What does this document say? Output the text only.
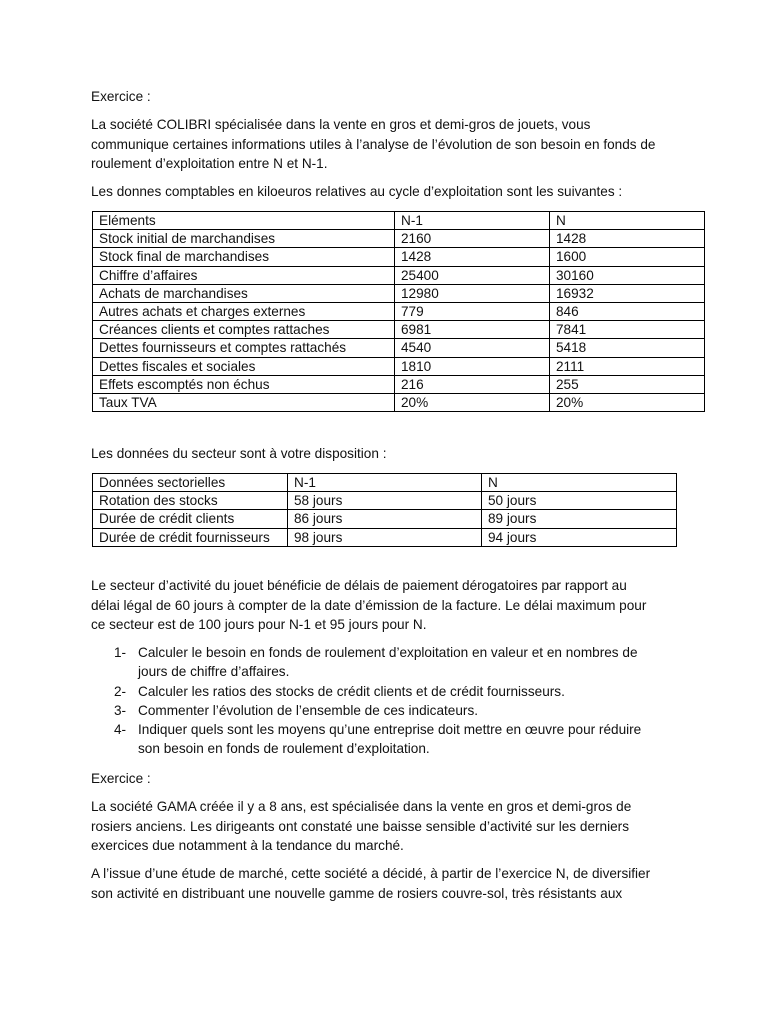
Exercice :

La société COLIBRI spécialisée dans la vente en gros et demi-gros de jouets, vous communique certaines informations utiles à l’analyse de l’évolution de son besoin en fonds de roulement d’exploitation entre N et N-1.

Les donnes comptables en kiloeuros relatives au cycle d’exploitation sont les suivantes :

Eléments	N-1	N
Stock initial de marchandises	2160	1428
Stock final de marchandises	1428	1600
Chiffre d’affaires	25400	30160
Achats de marchandises	12980	16932
Autres achats et charges externes	779	846
Créances clients et comptes rattaches	6981	7841
Dettes fournisseurs et comptes rattachés	4540	5418
Dettes fiscales et sociales	1810	2111
Effets escomptés non échus	216	255
Taux TVA	20%	20%

Les données du secteur sont à votre disposition :

Données sectorielles	N-1	N
Rotation des stocks	58 jours	50 jours
Durée de crédit clients	86 jours	89 jours
Durée de crédit fournisseurs	98 jours	94 jours

Le secteur d’activité du jouet bénéficie de délais de paiement dérogatoires par rapport au délai légal de 60 jours à compter de la date d’émission de la facture. Le délai maximum pour ce secteur est de 100 jours pour N-1 et 95 jours pour N.

1- Calculer le besoin en fonds de roulement d’exploitation en valeur et en nombres de jours de chiffre d’affaires.
2- Calculer les ratios des stocks de crédit clients et de crédit fournisseurs.
3- Commenter l’évolution de l’ensemble de ces indicateurs.
4- Indiquer quels sont les moyens qu’une entreprise doit mettre en œuvre pour réduire son besoin en fonds de roulement d’exploitation.

Exercice :

La société GAMA créée il y a 8 ans, est spécialisée dans la vente en gros et demi-gros de rosiers anciens. Les dirigeants ont constaté une baisse sensible d’activité sur les derniers exercices due notamment à la tendance du marché.

A l’issue d’une étude de marché, cette société a décidé, à partir de l’exercice N, de diversifier son activité en distribuant une nouvelle gamme de rosiers couvre-sol, très résistants aux
